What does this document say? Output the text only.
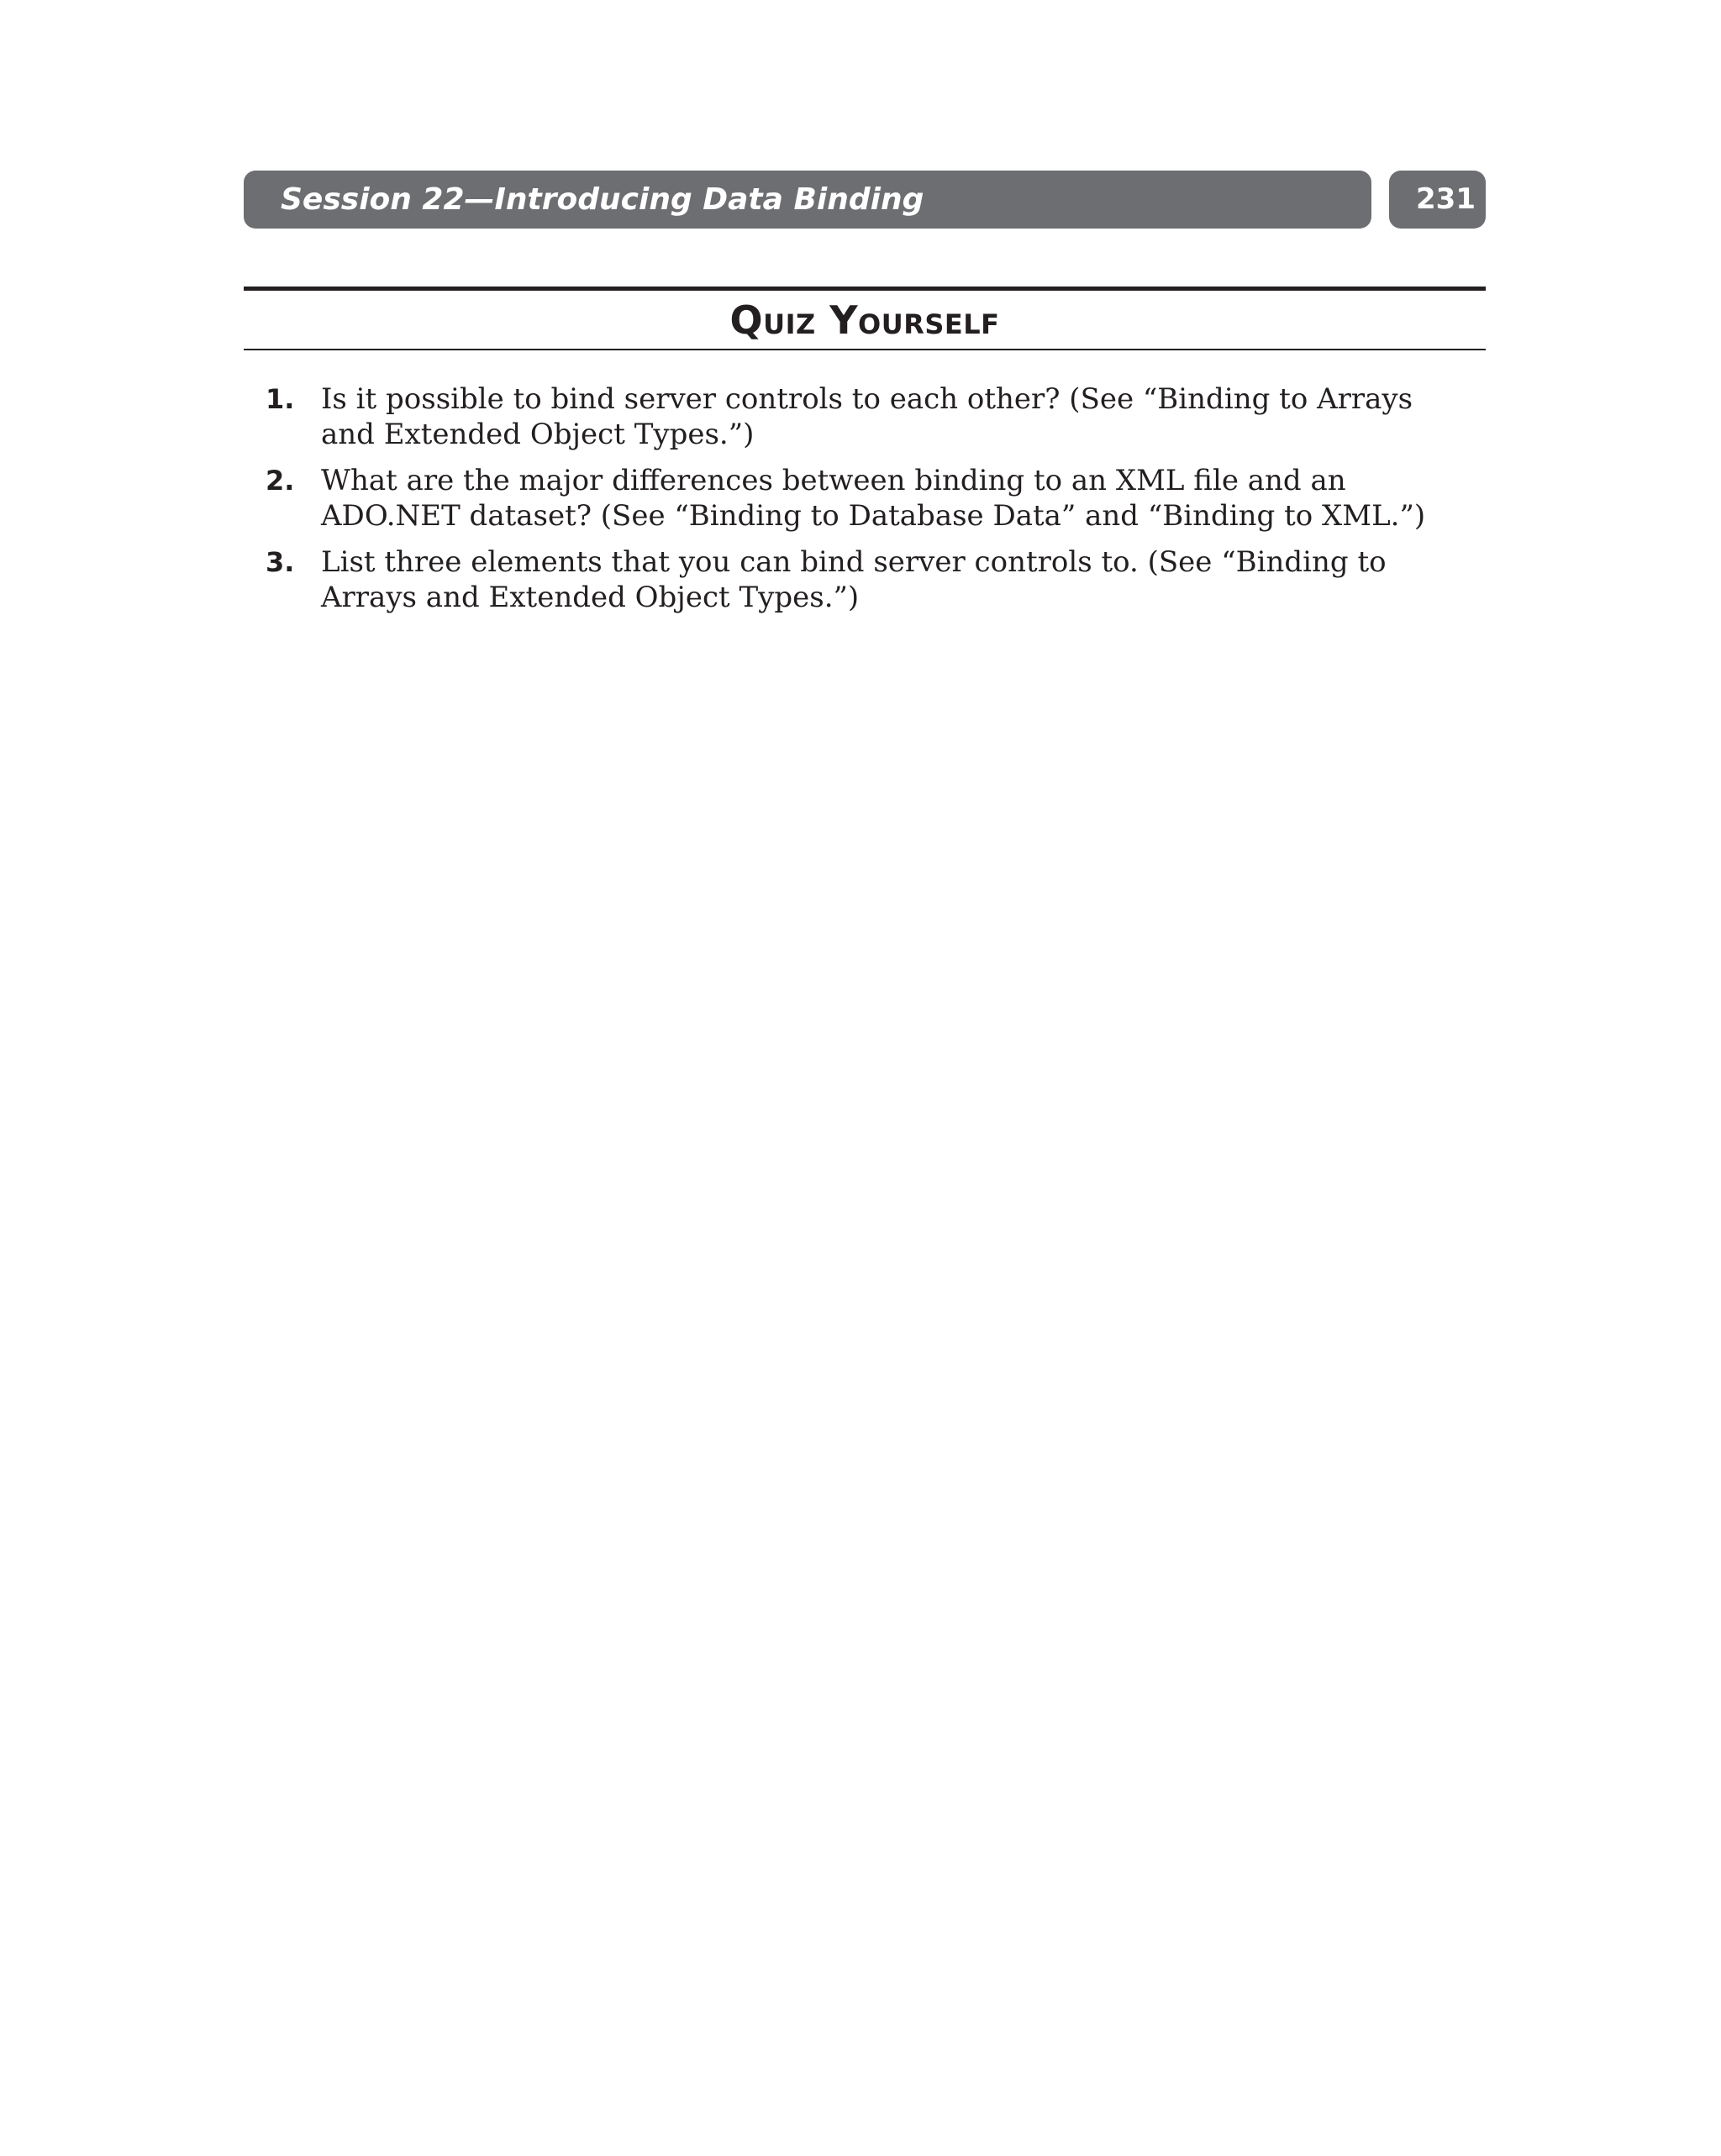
Session 22—Introducing Data Binding	231
Quiz Yourself
1. Is it possible to bind server controls to each other? (See “Binding to Arrays and Extended Object Types.”)
2. What are the major differences between binding to an XML file and an ADO.NET dataset? (See “Binding to Database Data” and “Binding to XML.”)
3. List three elements that you can bind server controls to. (See “Binding to Arrays and Extended Object Types.”)
